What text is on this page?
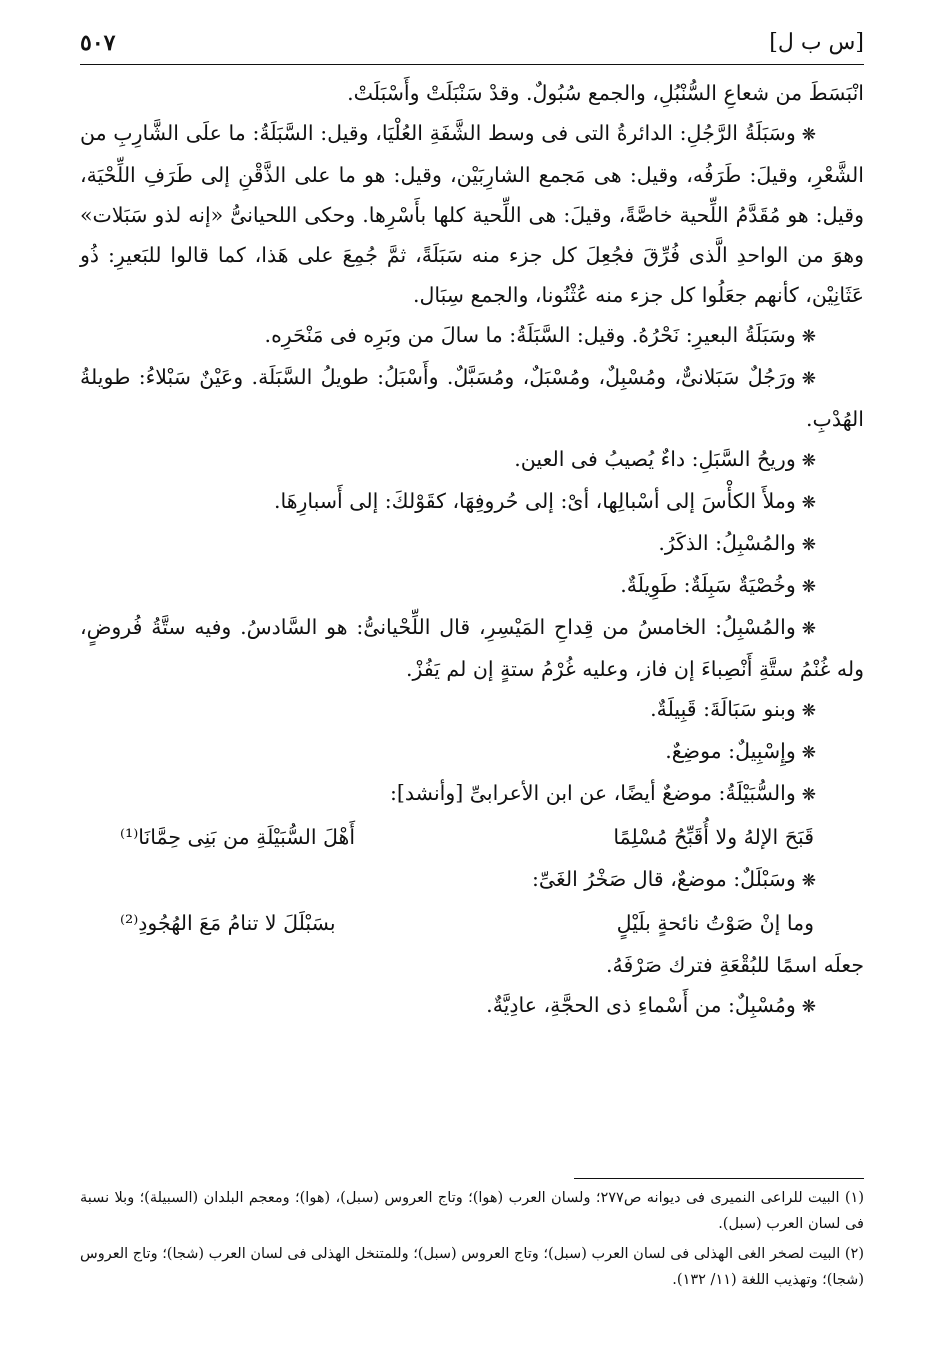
[س ب ل]
٥٠٧

انْبَسَطَ من شعاعِ السُّنْبُلِ، والجمع سُبُولٌ. وقدْ سَنْبَلَتْ وأَسْبَلَتْ.

❋وسَبَلَةُ الرَّجُلِ: الدائرةُ التى فى وسط الشَّفَةِ العُلْيَا، وقيل: السَّبَلَةُ: ما علَى الشَّارِبِ من الشَّعْرِ، وقيلَ: طَرَفُه، وقيل: هى مَجمع الشارِبَيْن، وقيل: هو ما على الذَّقْنِ إلى طَرَفِ اللِّحْيَة، وقيل: هو مُقَدَّمُ اللِّحية خاصَّةً، وقيلَ: هى اللِّحية كلها بأَسْرِها. وحكى اللحيانىُّ «إنه لذو سَبَلات» وهوَ من الواحدِ الَّذى فُرِّقَ فجُعِلَ كل جزء منه سَبَلَةً، ثمَّ جُمِعَ على هَذا، كما قالوا للبَعيرِ: ذُو عَثَانِيْن، كأنهم جعَلُوا كل جزء منه عُثْنُونا، والجمع سِبَال.

❋وسَبَلَةُ البعيرِ: نَحْرُهُ. وقيل: السَّبَلَةُ: ما سالَ من وبَرِه فى مَنْحَرِه.

❋ورَجُلٌ سَبَلانىٌّ، ومُسْبِلٌ، ومُسْبَلٌ، ومُسَبَّلٌ. وأَسْبَلُ: طويلُ السَّبَلَة. وعَيْنٌ سَبْلاءُ: طويلةُ الهُدْبِ.

❋وريحُ السَّبَلِ: داءٌ يُصيبُ فى العين.

❋وملأَ الكأْسَ إلى أسْبالِها، أىْ: إلى حُروفِهَا، كقَوْلكَ: إلى أَسبارِهَا.

❋والمُسْبِلُ: الذكَرُ.

❋وخُصْيَةٌ سَبِلَةٌ: طَوِيلَةٌ.

❋والمُسْبِلُ: الخامسُ من قِداحِ المَيْسِرِ، قال اللِّحْيانىُّ: هو السَّادسُ. وفيه ستَّةُ فُروضٍ، وله غُنْمُ ستَّةِ أَنْصِباءَ إن فاز، وعليه غُرْمُ ستةٍ إن لم يَفُزْ.

❋وبنو سَبَالَةَ: قَبِيلَةٌ.

❋وإِسْبِيلٌ: موضِعٌ.

❋والسُّبَيْلَةُ: موضعٌ أيضًا، عن ابن الأعرابىِّ [وأنشد]:

قَبَحَ الإلهُ ولا أُقَبِّحُ مُسْلِمًا
أَهْلَ السُّبَيْلَةِ من بَنِى حِمَّانَا⁽¹⁾

❋وسَبْلَلٌ: موضعٌ، قال صَخْرُ الغَىِّ:

وما إنْ صَوْتُ نائحةٍ بلَيْلٍ
بسَبْلَلَ لا تنامُ مَعَ الهُجُودِ⁽²⁾

جعلَه اسمًا للبُقْعَةِ فترك صَرْفَهُ.

❋ومُسْبِلٌ: من أَسْماءِ ذى الحجَّةِ، عادِيَّةٌ.

(١) البيت للراعى النميرى فى ديوانه ص٢٧٧؛ ولسان العرب (هوا)؛ وتاج العروس (سبل)، (هوا)؛ ومعجم البلدان (السبيلة)؛ وبلا نسبة فى لسان العرب (سبل).

(٢) البيت لصخر الغى الهذلى فى لسان العرب (سبل)؛ وتاج العروس (سبل)؛ وللمتنخل الهذلى فى لسان العرب (شجا)؛ وتاج العروس (شجا)؛ وتهذيب اللغة (١١/ ١٣٢).
